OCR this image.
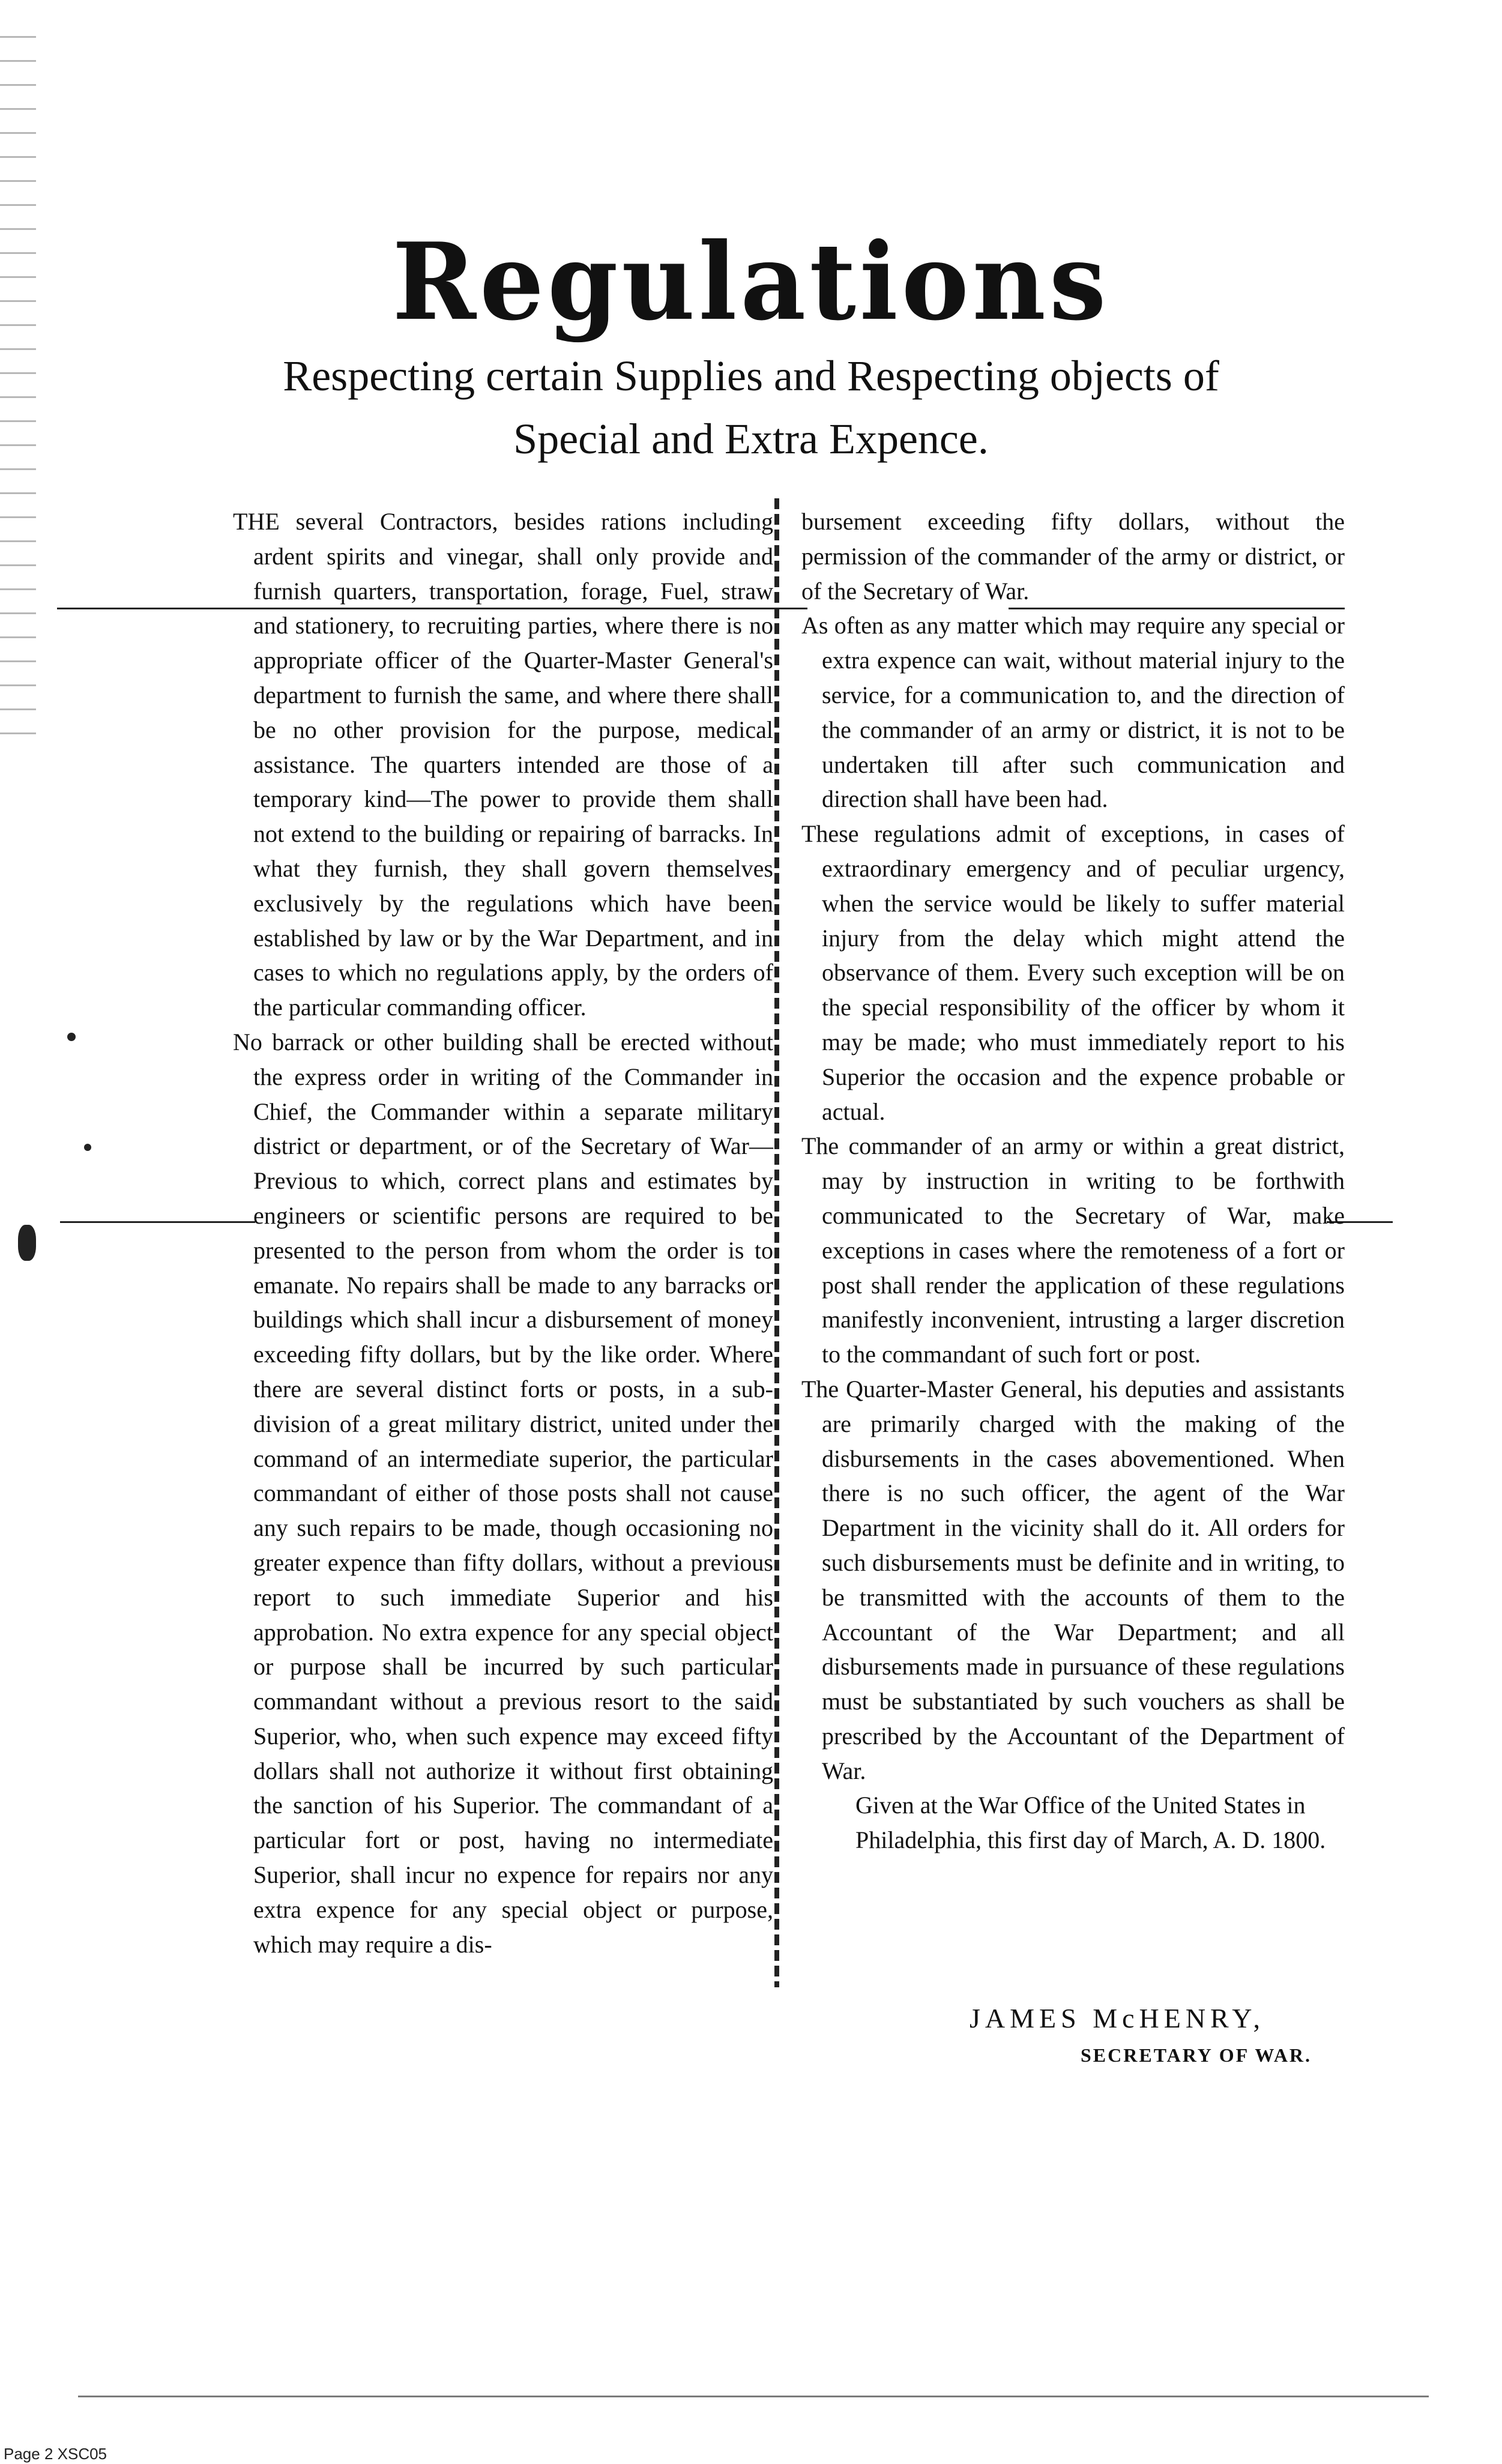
Regulations
Respecting certain Supplies and Respecting objects of
Special and Extra Expence.

THE several Contractors, besides rations including ardent spirits and vinegar, shall only provide and furnish quarters, transportation, forage, Fuel, straw and stationery, to recruiting parties, where there is no appropriate officer of the Quarter-Master General's department to furnish the same, and where there shall be no other provision for the purpose, medical assistance. The quarters intended are those of a temporary kind—The power to provide them shall not extend to the building or repairing of barracks. In what they furnish, they shall govern themselves exclusively by the regulations which have been established by law or by the War Department, and in cases to which no regulations apply, by the orders of the particular commanding officer.

No barrack or other building shall be erected without the express order in writing of the Commander in Chief, the Commander within a separate military district or department, or of the Secretary of War—Previous to which, correct plans and estimates by engineers or scientific persons are required to be presented to the person from whom the order is to emanate. No repairs shall be made to any barracks or buildings which shall incur a disbursement of money exceeding fifty dollars, but by the like order. Where there are several distinct forts or posts, in a sub-division of a great military district, united under the command of an intermediate superior, the particular commandant of either of those posts shall not cause any such repairs to be made, though occasioning no greater expence than fifty dollars, without a previous report to such immediate Superior and his approbation. No extra expence for any special object or purpose shall be incurred by such particular commandant without a previous resort to the said Superior, who, when such expence may exceed fifty dollars shall not authorize it without first obtaining the sanction of his Superior. The commandant of a particular fort or post, having no intermediate Superior, shall incur no expence for repairs nor any extra expence for any special object or purpose, which may require a dis-

bursement exceeding fifty dollars, without the permission of the commander of the army or district, or of the Secretary of War.

As often as any matter which may require any special or extra expence can wait, without material injury to the service, for a communication to, and the direction of the commander of an army or district, it is not to be undertaken till after such communication and direction shall have been had.

These regulations admit of exceptions, in cases of extraordinary emergency and of peculiar urgency, when the service would be likely to suffer material injury from the delay which might attend the observance of them. Every such exception will be on the special responsibility of the officer by whom it may be made; who must immediately report to his Superior the occasion and the expence probable or actual.

The commander of an army or within a great district, may by instruction in writing to be forthwith communicated to the Secretary of War, make exceptions in cases where the remoteness of a fort or post shall render the application of these regulations manifestly inconvenient, intrusting a larger discretion to the commandant of such fort or post.

The Quarter-Master General, his deputies and assistants are primarily charged with the making of the disbursements in the cases abovementioned. When there is no such officer, the agent of the War Department in the vicinity shall do it. All orders for such disbursements must be definite and in writing, to be transmitted with the accounts of them to the Accountant of the War Department; and all disbursements made in pursuance of these regulations must be substantiated by such vouchers as shall be prescribed by the Accountant of the Department of War.

Given at the War Office of the United States in Philadelphia, this first day of March, A. D. 1800.

JAMES McHENRY,
SECRETARY OF WAR.
Page 2 XSC05
